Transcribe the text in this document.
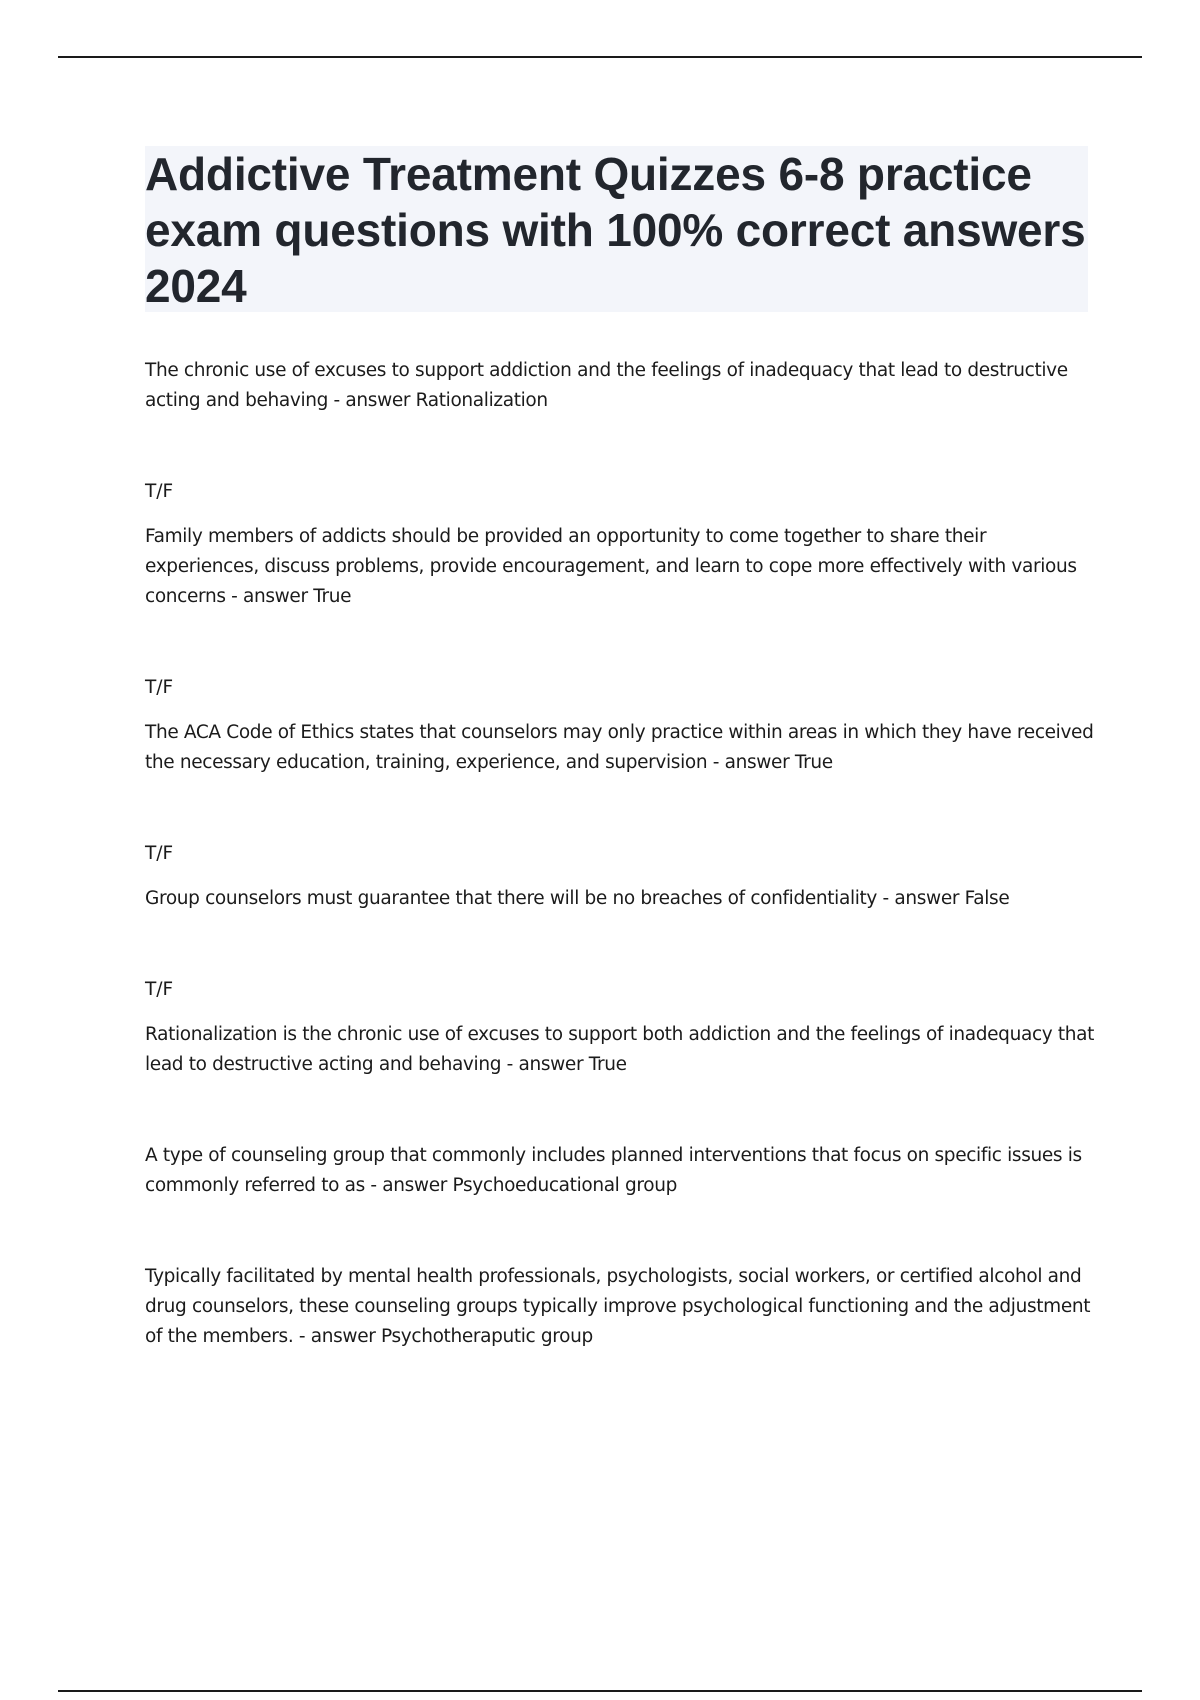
Addictive Treatment Quizzes 6-8 practice exam questions with 100% correct answers 2024

The chronic use of excuses to support addiction and the feelings of inadequacy that lead to destructive acting and behaving - answer Rationalization

T/F

Family members of addicts should be provided an opportunity to come together to share their experiences, discuss problems, provide encouragement, and learn to cope more effectively with various concerns - answer True

T/F

The ACA Code of Ethics states that counselors may only practice within areas in which they have received the necessary education, training, experience, and supervision - answer True

T/F

Group counselors must guarantee that there will be no breaches of confidentiality - answer False

T/F

Rationalization is the chronic use of excuses to support both addiction and the feelings of inadequacy that lead to destructive acting and behaving - answer True

A type of counseling group that commonly includes planned interventions that focus on specific issues is commonly referred to as - answer Psychoeducational group

Typically facilitated by mental health professionals, psychologists, social workers, or certified alcohol and drug counselors, these counseling groups typically improve psychological functioning and the adjustment of the members. - answer Psychotheraputic group
